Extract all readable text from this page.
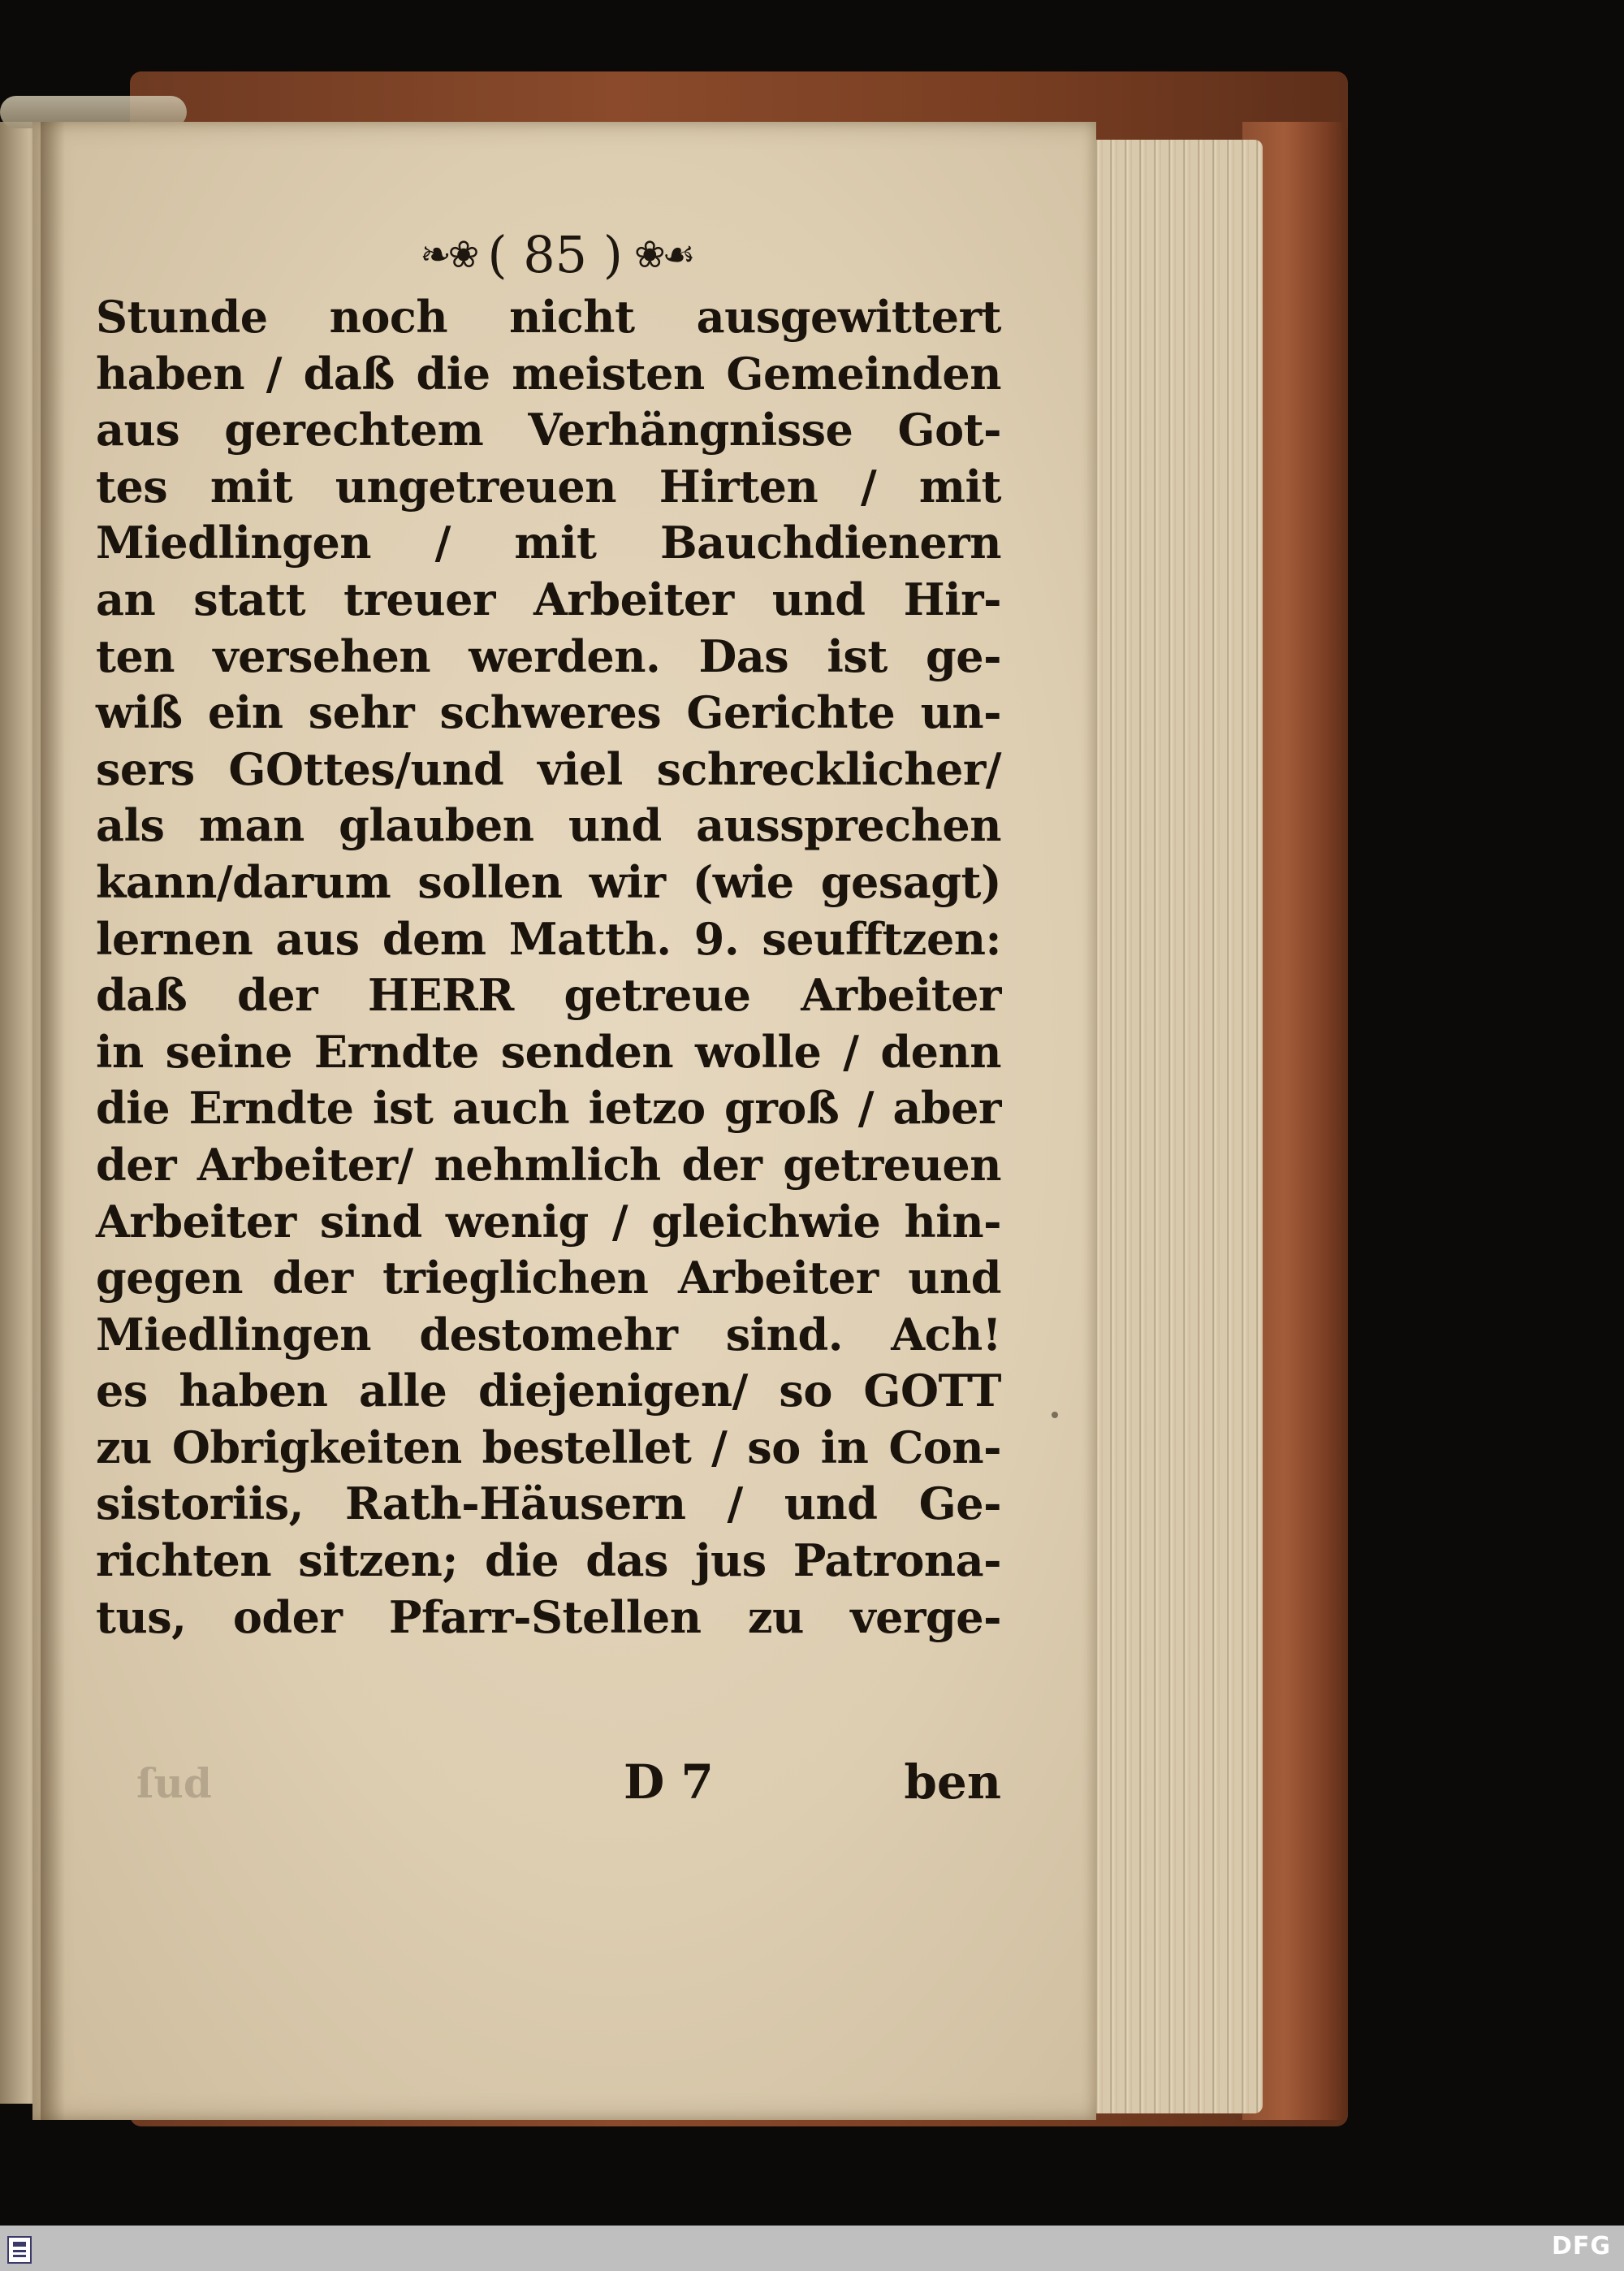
❧❀ ( 85 ) ❀☙
Stunde noch nicht ausgewittert
haben / daß die meisten Gemeinden
aus gerechtem Verhängnisse Got-
tes mit ungetreuen Hirten / mit
Miedlingen / mit Bauchdienern
an statt treuer Arbeiter und Hir-
ten versehen werden. Das ist ge-
wiß ein sehr schweres Gerichte un-
sers GOttes/und viel schrecklicher/
als man glauben und aussprechen
kann/darum sollen wir (wie gesagt)
lernen aus dem Matth. 9. seufftzen:
daß der HERR getreue Arbeiter
in seine Erndte senden wolle / denn
die Erndte ist auch ietzo groß / aber
der Arbeiter/ nehmlich der getreuen
Arbeiter sind wenig / gleichwie hin-
gegen der trieglichen Arbeiter und
Miedlingen destomehr sind. Ach!
es haben alle diejenigen/ so GOTT
zu Obrigkeiten bestellet / so in Con-
sistoriis, Rath-Häusern / und Ge-
richten sitzen; die das jus Patrona-
tus, oder Pfarr-Stellen zu verge-
ſud	D 7	ben
DFG
